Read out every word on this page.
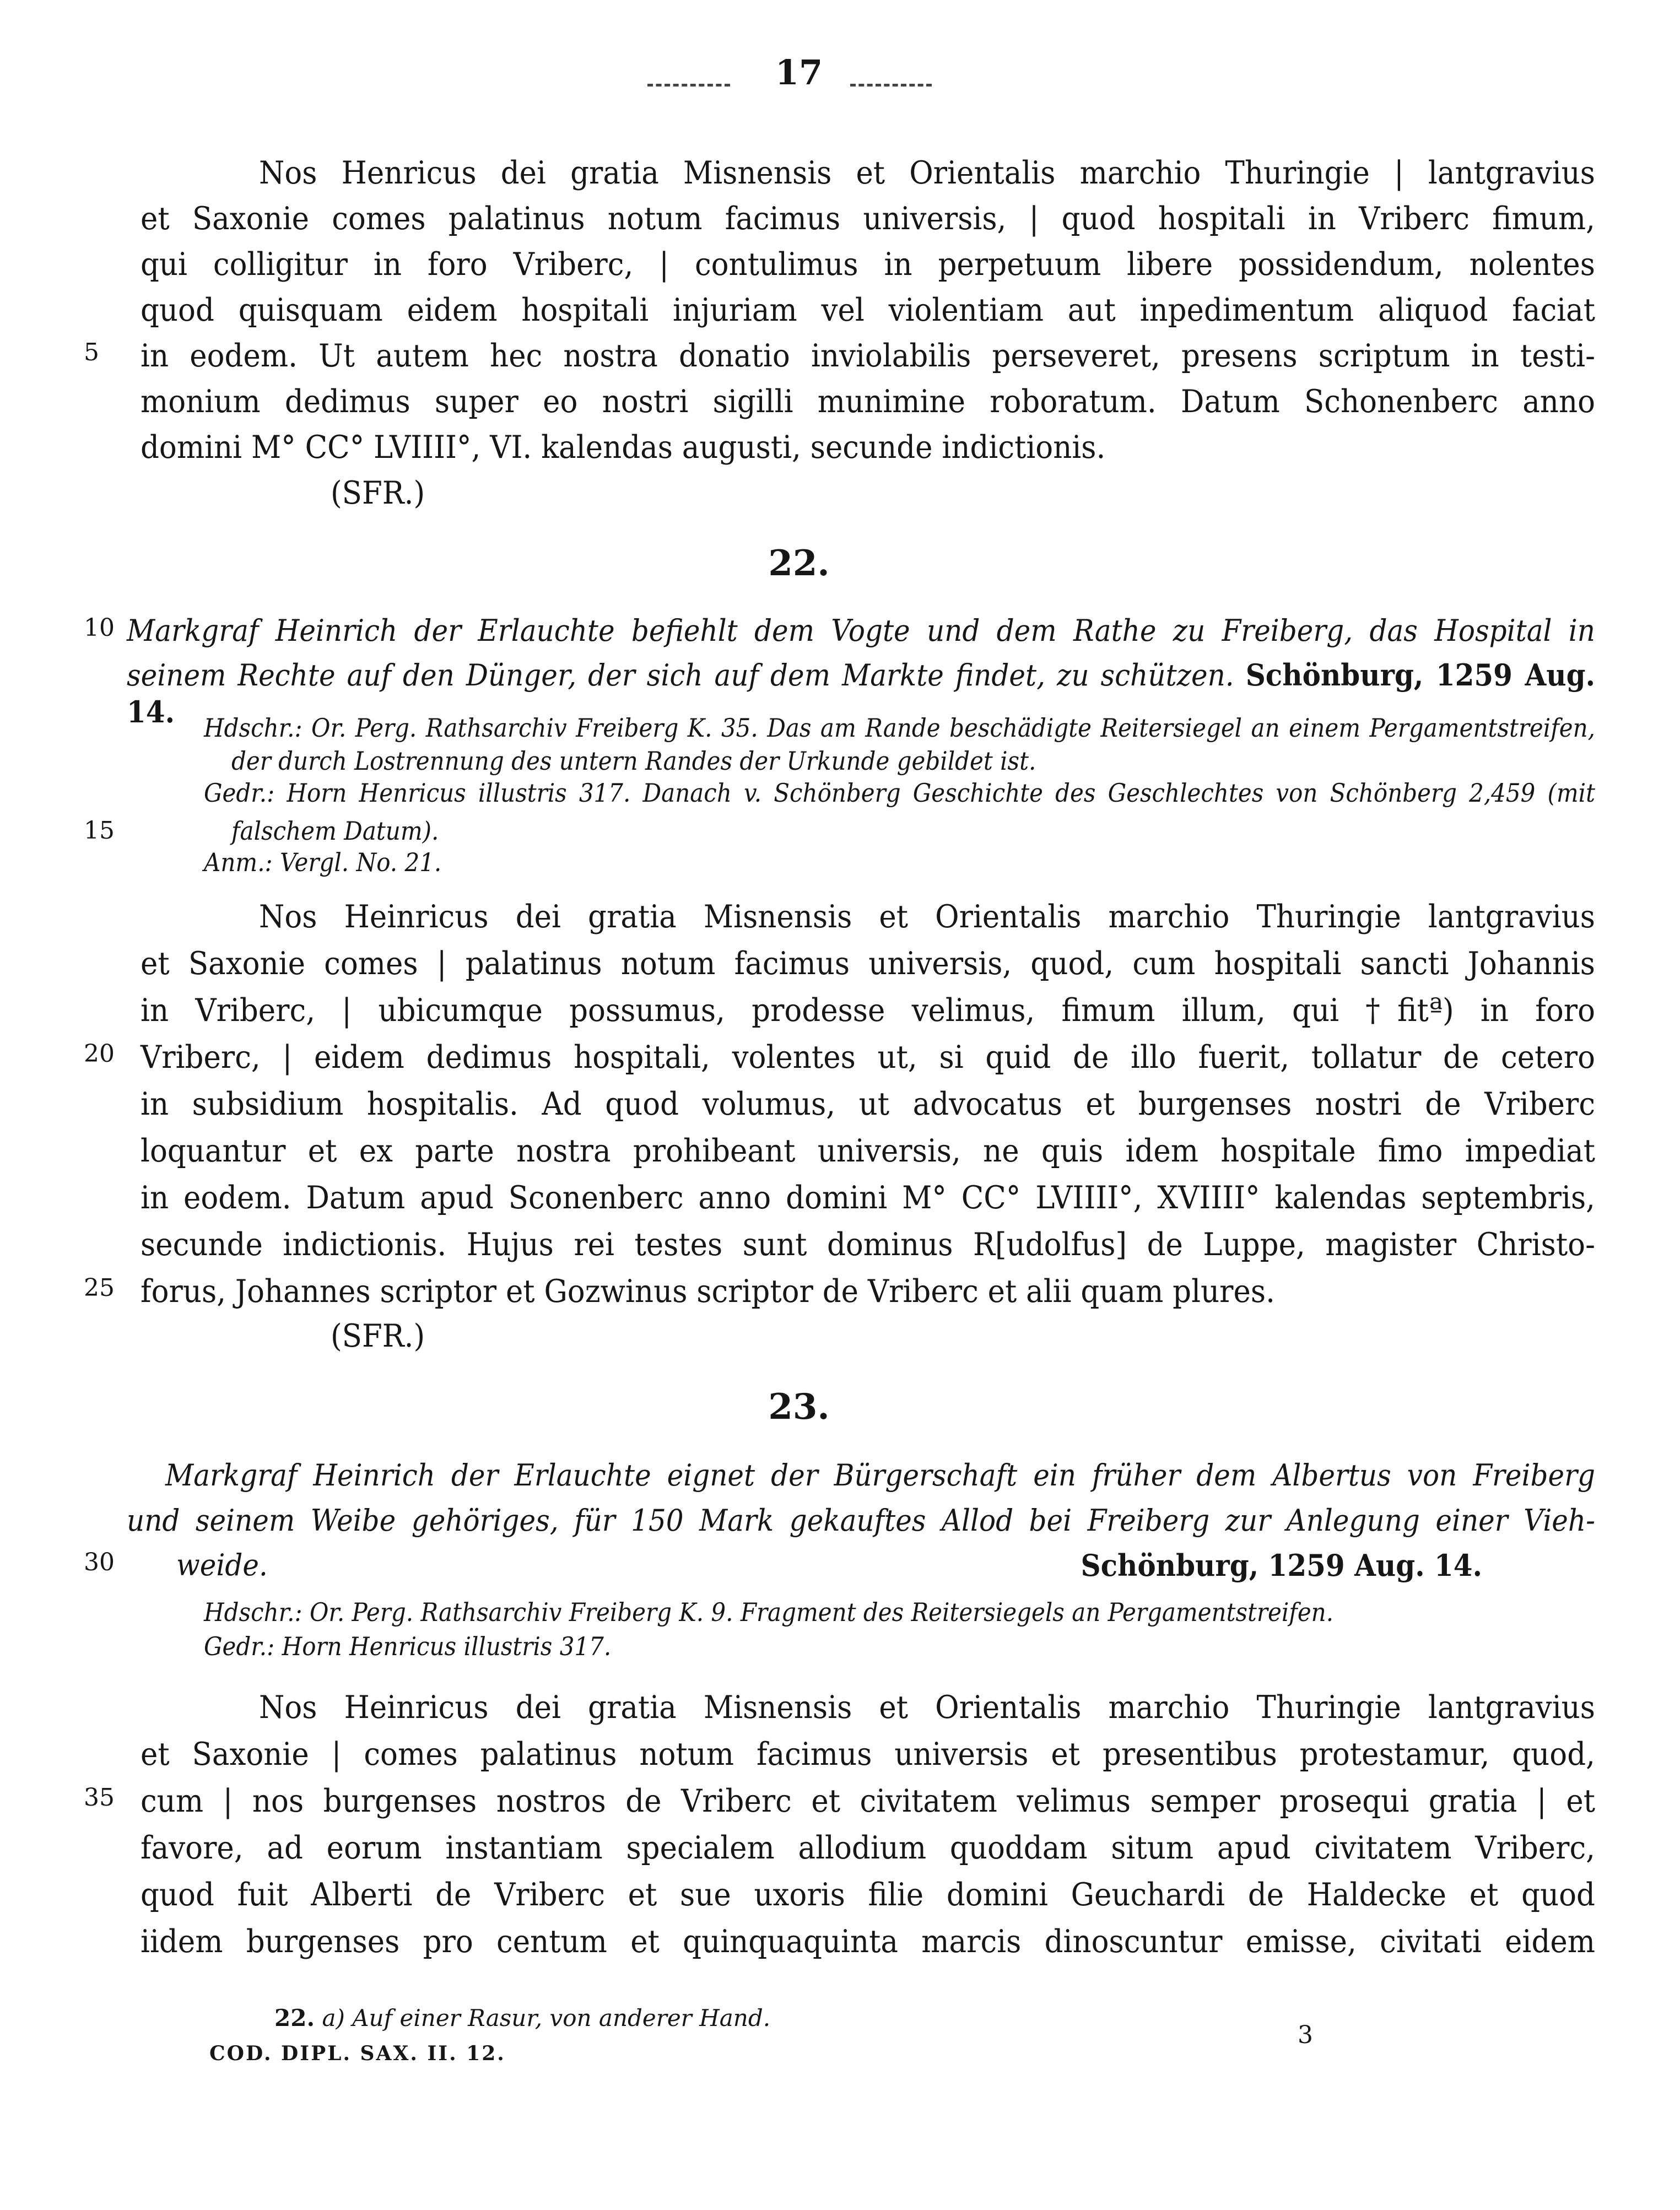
17
Nos Henricus dei gratia Misnensis et Orientalis marchio Thuringie | lantgravius
et Saxonie comes palatinus notum facimus universis, | quod hospitali in Vriberc fimum,
qui colligitur in foro Vriberc, | contulimus in perpetuum libere possidendum, nolentes
quod quisquam eidem hospitali injuriam vel violentiam aut inpedimentum aliquod faciat
5	in eodem. Ut autem hec nostra donatio inviolabilis perseveret, presens scriptum in testi-
monium dedimus super eo nostri sigilli munimine roboratum. Datum Schonenberc anno
domini M° CC° LVIIII°, VI. kalendas augusti, secunde indictionis.
(SFR.)
22.
10 Markgraf Heinrich der Erlauchte befiehlt dem Vogte und dem Rathe zu Freiberg, das Hospital in
seinem Rechte auf den Dünger, der sich auf dem Markte findet, zu schützen. Schönburg, 1259 Aug. 14.	Hdschr.: Or. Perg. Rathsarchiv Freiberg K. 35. Das am Rande beschädigte Reitersiegel an einem Pergamentstreifen,
der durch Lostrennung des untern Randes der Urkunde gebildet ist.
Gedr.: Horn Henricus illustris 317. Danach v. Schönberg Geschichte des Geschlechtes von Schönberg 2,459 (mit
15	falschem Datum).
Anm.: Vergl. No. 21.
Nos Heinricus dei gratia Misnensis et Orientalis marchio Thuringie lantgravius
et Saxonie comes | palatinus notum facimus universis, quod, cum hospitali sancti Johannis
in Vriberc, | ubicumque possumus, prodesse velimus, fimum illum, qui †fitª) in foro
20 Vriberc, | eidem dedimus hospitali, volentes ut, si quid de illo fuerit, tollatur de cetero
in subsidium hospitalis. Ad quod volumus, ut advocatus et burgenses nostri de Vriberc
loquantur et ex parte nostra prohibeant universis, ne quis idem hospitale fimo impediat
in eodem. Datum apud Sconenberc anno domini M° CC° LVIIII°, XVIIII° kalendas septembris,
secunde indictionis. Hujus rei testes sunt dominus R[udolfus] de Luppe, magister Christo-
25 forus, Johannes scriptor et Gozwinus scriptor de Vriberc et alii quam plures.
(SFR.)
23.
Markgraf Heinrich der Erlauchte eignet der Bürgerschaft ein früher dem Albertus von Freiberg
und seinem Weibe gehöriges, für 150 Mark gekauftes Allod bei Freiberg zur Anlegung einer Vieh-
30	weide.	Schönburg, 1259 Aug. 14.
Hdschr.: Or. Perg. Rathsarchiv Freiberg K. 9. Fragment des Reitersiegels an Pergamentstreifen.
Gedr.: Horn Henricus illustris 317.
Nos Heinricus dei gratia Misnensis et Orientalis marchio Thuringie lantgravius
et Saxonie | comes palatinus notum facimus universis et presentibus protestamur, quod,
35 cum | nos burgenses nostros de Vriberc et civitatem velimus semper prosequi gratia | et
favore, ad eorum instantiam specialem allodium quoddam situm apud civitatem Vriberc,
quod fuit Alberti de Vriberc et sue uxoris filie domini Geuchardi de Haldecke et quod
iidem burgenses pro centum et quinquaquinta marcis dinoscuntur emisse, civitati eidem
22. a) Auf einer Rasur, von anderer Hand.
3
COD. DIPL. SAX. II. 12.
